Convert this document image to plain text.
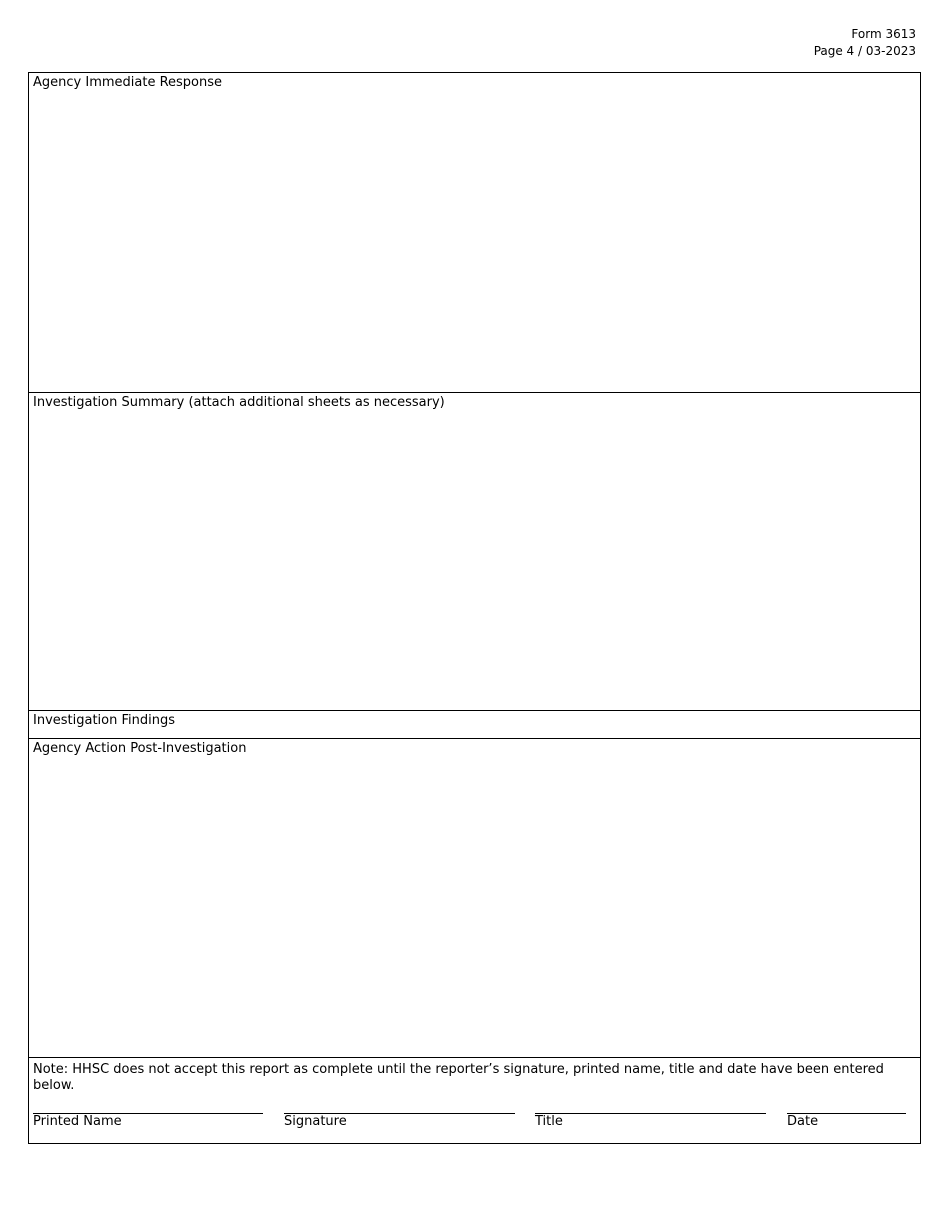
Form 3613
Page 4 / 03-2023
Agency Immediate Response
Investigation Summary (attach additional sheets as necessary)
Investigation Findings
Agency Action Post-Investigation
Note: HHSC does not accept this report as complete until the reporter’s signature, printed name, title and date have been entered below.
Printed Name	Signature	Title	Date
